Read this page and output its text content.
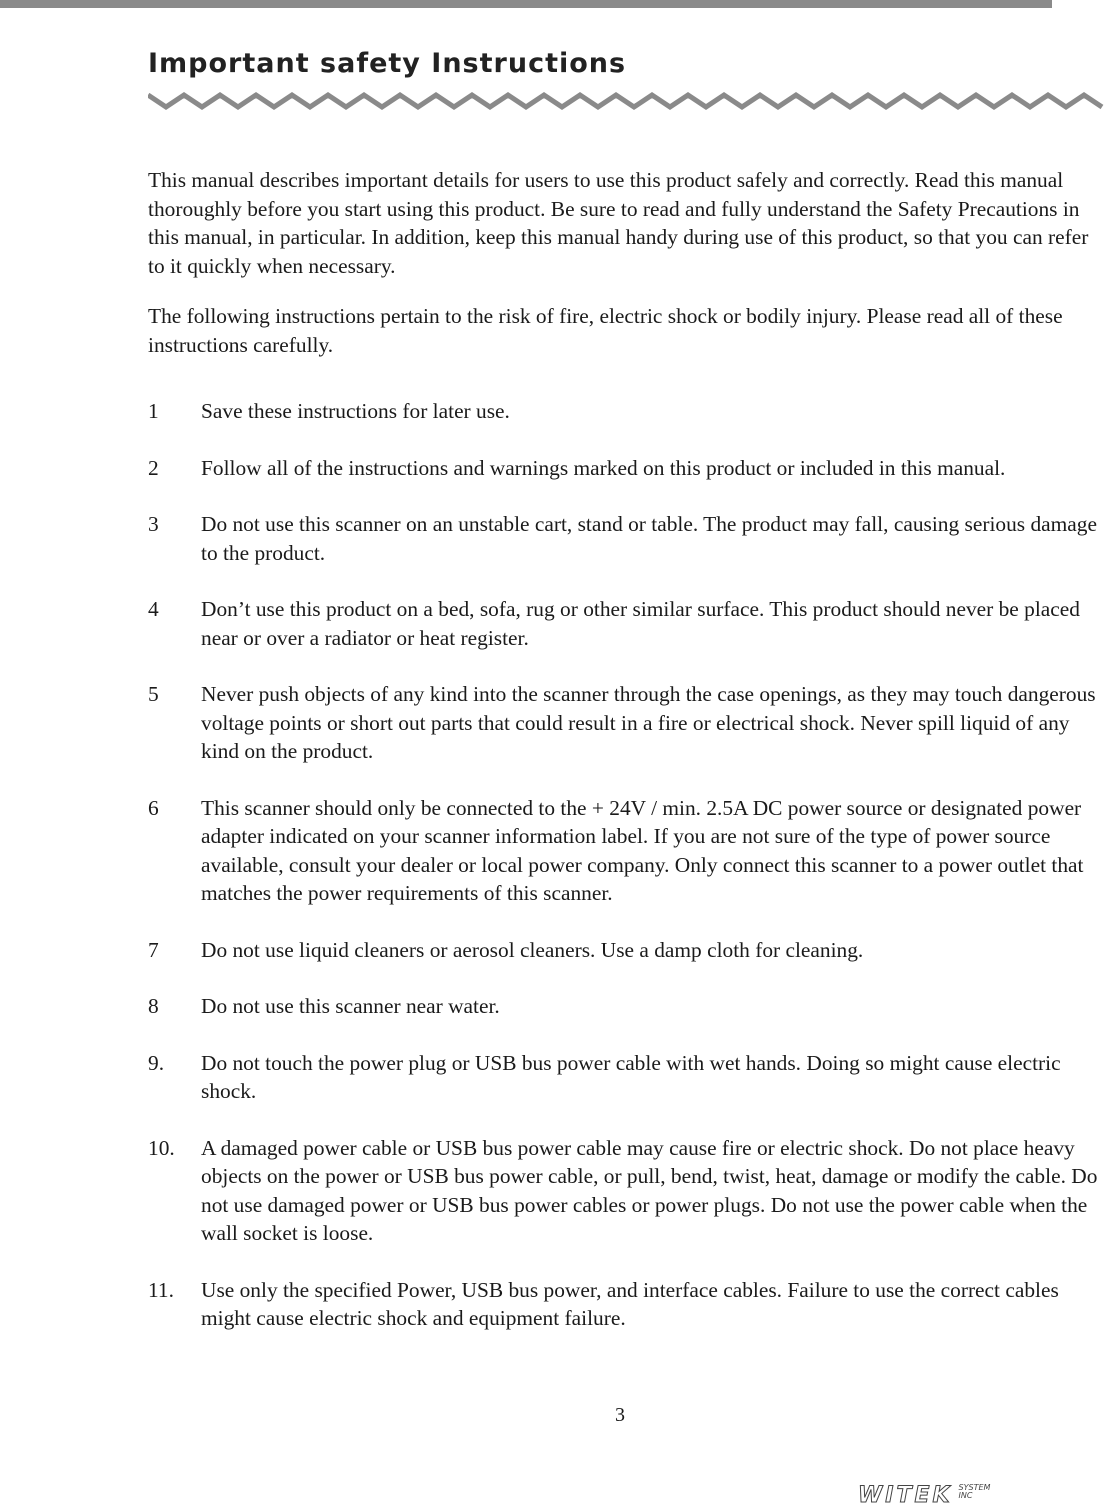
Important safety Instructions

This manual describes important details for users to use this product safely and correctly. Read this manual thoroughly before you start using this product. Be sure to read and fully understand the Safety Precautions in this manual, in particular. In addition, keep this manual handy during use of this product, so that you can refer to it quickly when necessary.

The following instructions pertain to the risk of fire, electric shock or bodily injury. Please read all of these instructions carefully.

1 Save these instructions for later use.
2 Follow all of the instructions and warnings marked on this product or included in this manual.
3 Do not use this scanner on an unstable cart, stand or table. The product may fall, causing serious damage to the product.
4 Don’t use this product on a bed, sofa, rug or other similar surface. This product should never be placed near or over a radiator or heat register.
5 Never push objects of any kind into the scanner through the case openings, as they may touch dangerous voltage points or short out parts that could result in a fire or electrical shock. Never spill liquid of any kind on the product.
6 This scanner should only be connected to the + 24V / min. 2.5A DC power source or designated power adapter indicated on your scanner information label. If you are not sure of the type of power source available, consult your dealer or local power company. Only connect this scanner to a power outlet that matches the power requirements of this scanner.
7 Do not use liquid cleaners or aerosol cleaners. Use a damp cloth for cleaning.
8 Do not use this scanner near water.
9. Do not touch the power plug or USB bus power cable with wet hands. Doing so might cause electric shock.
10. A damaged power cable or USB bus power cable may cause fire or electric shock. Do not place heavy objects on the power or USB bus power cable, or pull, bend, twist, heat, damage or modify the cable. Do not use damaged power or USB bus power cables or power plugs. Do not use the power cable when the wall socket is loose.
11. Use only the specified Power, USB bus power, and interface cables. Failure to use the correct cables might cause electric shock and equipment failure.
3
WITEK SYSTEM
INC
